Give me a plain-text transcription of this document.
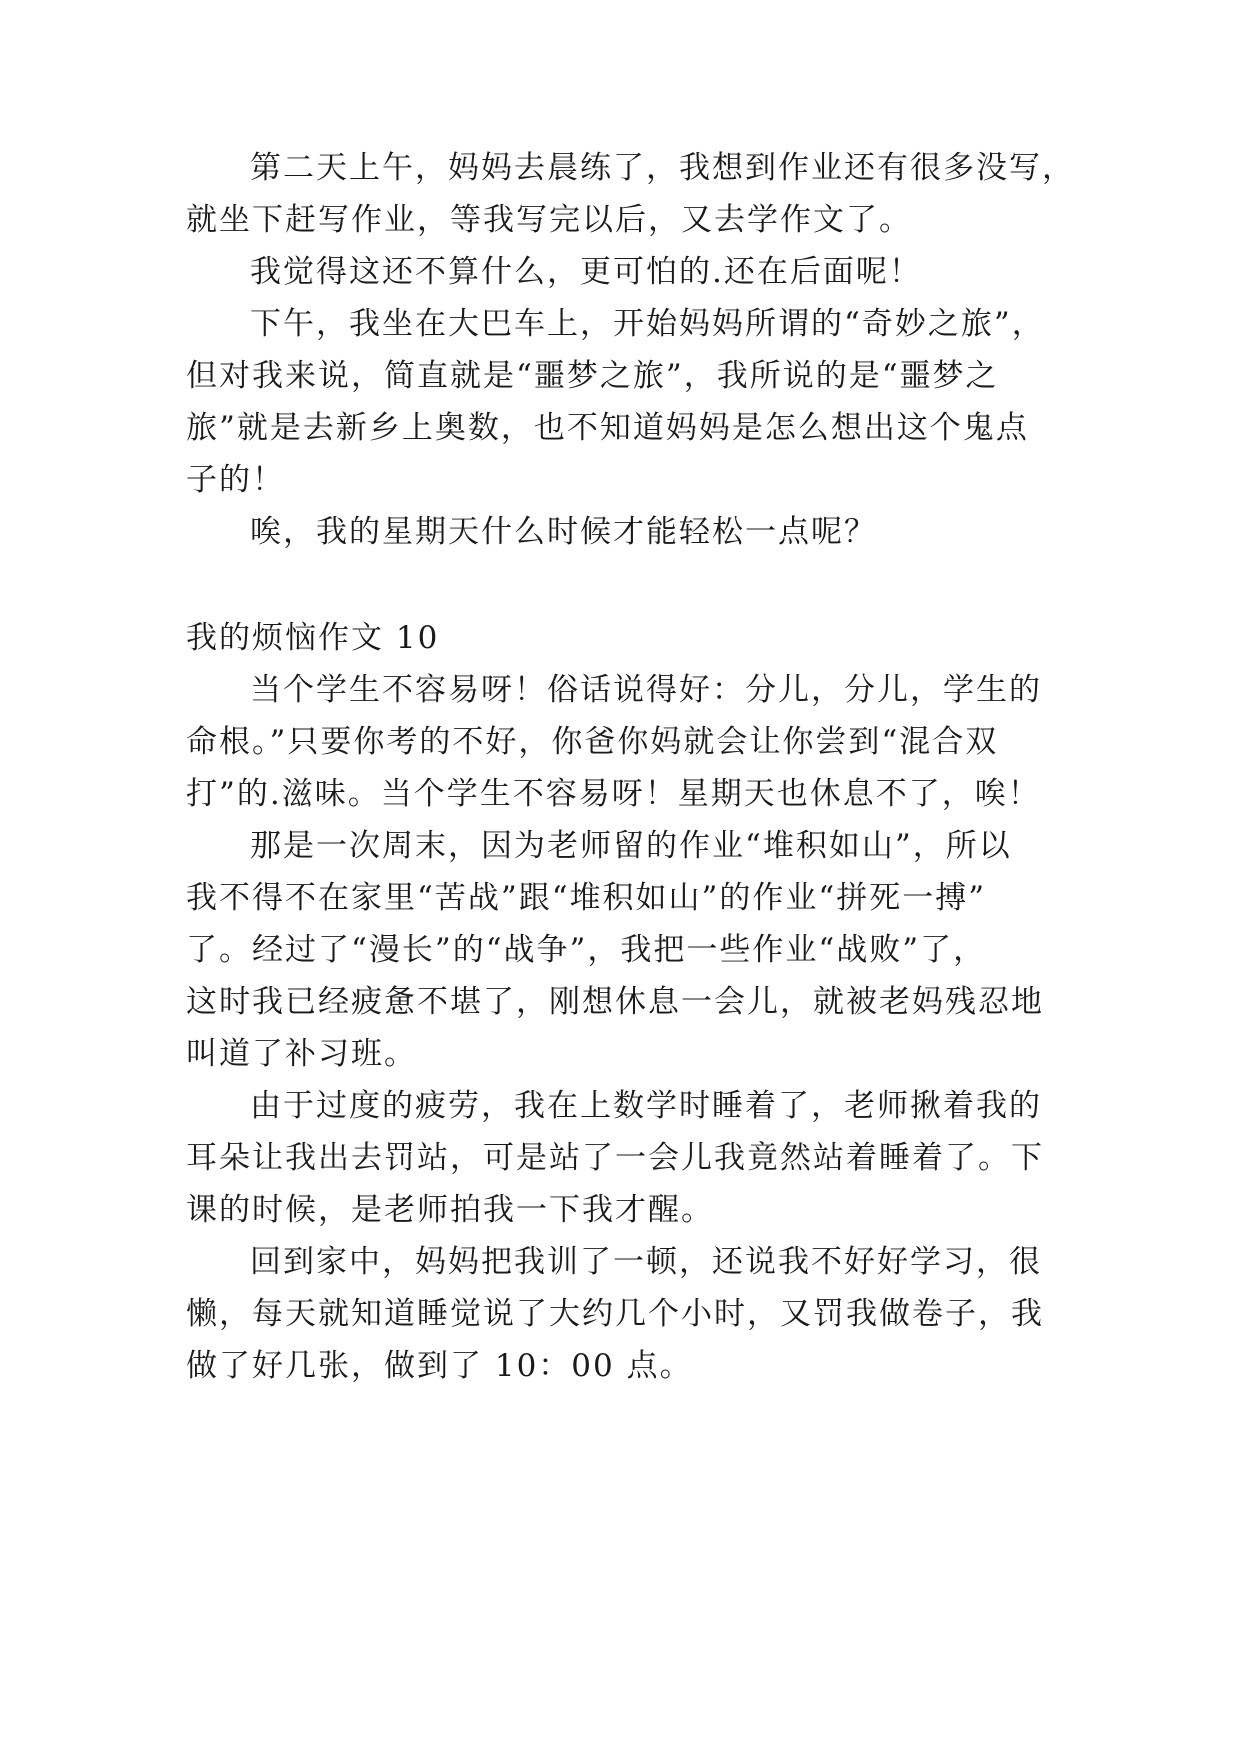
第二天上午，妈妈去晨练了，我想到作业还有很多没写，
就坐下赶写作业，等我写完以后，又去学作文了。
我觉得这还不算什么，更可怕的.还在后面呢！
下午，我坐在大巴车上，开始妈妈所谓的“奇妙之旅”，
但对我来说，简直就是“噩梦之旅”，我所说的是“噩梦之
旅”就是去新乡上奥数，也不知道妈妈是怎么想出这个鬼点
子的！
唉，我的星期天什么时候才能轻松一点呢？
我的烦恼作文 10
当个学生不容易呀！俗话说得好：分儿，分儿，学生的
命根。”只要你考的不好，你爸你妈就会让你尝到“混合双
打”的.滋味。当个学生不容易呀！星期天也休息不了，唉！
那是一次周末，因为老师留的作业“堆积如山”，所以
我不得不在家里“苦战”跟“堆积如山”的作业“拼死一搏”
了。经过了“漫长”的“战争”，我把一些作业“战败”了，
这时我已经疲惫不堪了，刚想休息一会儿，就被老妈残忍地
叫道了补习班。
由于过度的疲劳，我在上数学时睡着了，老师揪着我的
耳朵让我出去罚站，可是站了一会儿我竟然站着睡着了。下
课的时候，是老师拍我一下我才醒。
回到家中，妈妈把我训了一顿，还说我不好好学习，很
懒，每天就知道睡觉说了大约几个小时，又罚我做卷子，我
做了好几张，做到了 10：00 点。
